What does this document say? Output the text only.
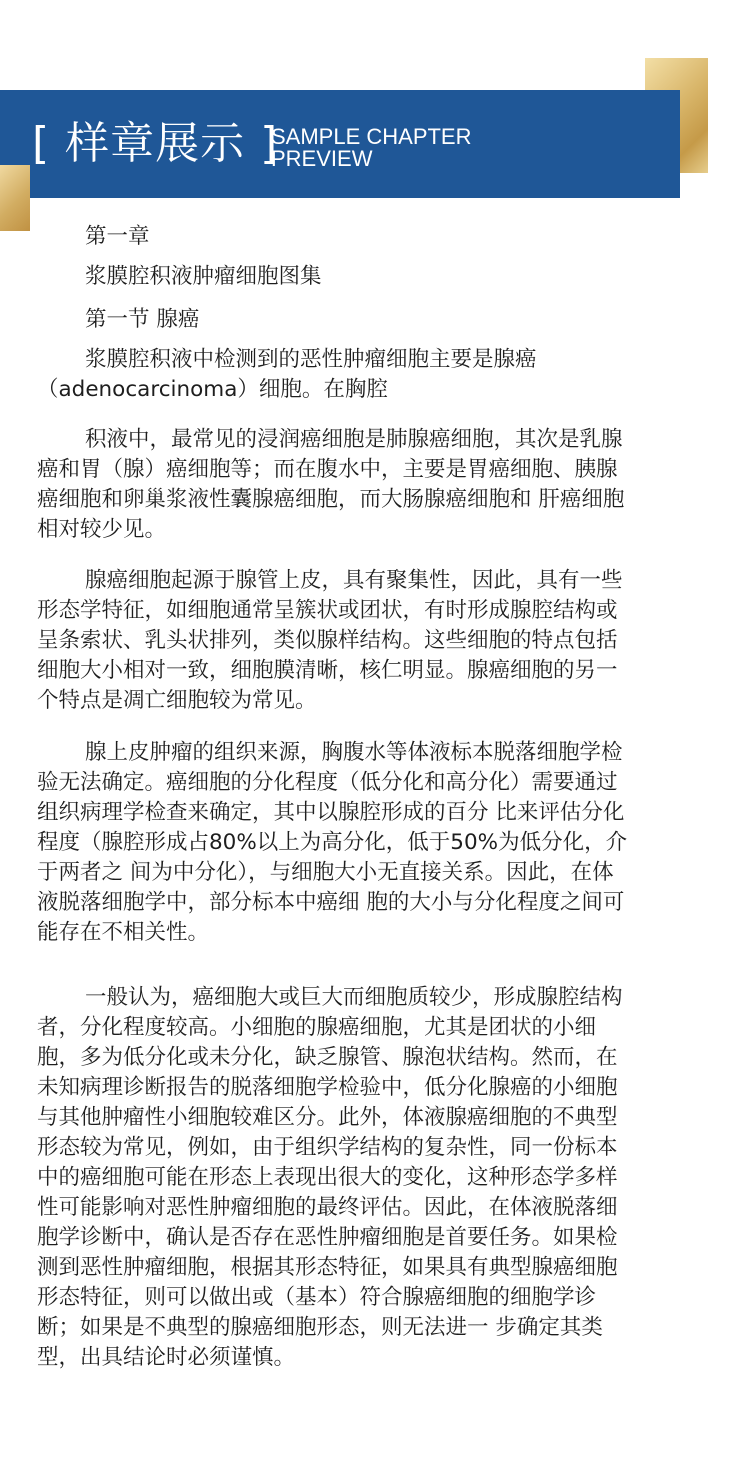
[ 样章展示 ]
SAMPLE CHAPTER
PREVIEW
第一章
浆膜腔积液肿瘤细胞图集
第一节 腺癌
浆膜腔积液中检测到的恶性肿瘤细胞主要是腺癌
（adenocarcinoma）细胞。在胸腔
积液中，最常见的浸润癌细胞是肺腺癌细胞，其次是乳腺
癌和胃（腺）癌细胞等；而在腹水中，主要是胃癌细胞、胰腺
癌细胞和卵巢浆液性囊腺癌细胞，而大肠腺癌细胞和 肝癌细胞
相对较少见。
腺癌细胞起源于腺管上皮，具有聚集性，因此，具有一些
形态学特征，如细胞通常呈簇状或团状，有时形成腺腔结构或
呈条索状、乳头状排列，类似腺样结构。这些细胞的特点包括
细胞大小相对一致，细胞膜清晰，核仁明显。腺癌细胞的另一
个特点是凋亡细胞较为常见。
腺上皮肿瘤的组织来源，胸腹水等体液标本脱落细胞学检
验无法确定。癌细胞的分化程度（低分化和高分化）需要通过
组织病理学检查来确定，其中以腺腔形成的百分 比来评估分化
程度（腺腔形成占80%以上为高分化，低于50%为低分化，介
于两者之 间为中分化），与细胞大小无直接关系。因此，在体
液脱落细胞学中，部分标本中癌细 胞的大小与分化程度之间可
能存在不相关性。
一般认为，癌细胞大或巨大而细胞质较少，形成腺腔结构
者，分化程度较高。小细胞的腺癌细胞，尤其是团状的小细
胞，多为低分化或未分化，缺乏腺管、腺泡状结构。然而，在
未知病理诊断报告的脱落细胞学检验中，低分化腺癌的小细胞
与其他肿瘤性小细胞较难区分。此外，体液腺癌细胞的不典型
形态较为常见，例如，由于组织学结构的复杂性，同一份标本
中的癌细胞可能在形态上表现出很大的变化，这种形态学多样
性可能影响对恶性肿瘤细胞的最终评估。因此，在体液脱落细
胞学诊断中，确认是否存在恶性肿瘤细胞是首要任务。如果检
测到恶性肿瘤细胞，根据其形态特征，如果具有典型腺癌细胞
形态特征，则可以做出或（基本）符合腺癌细胞的细胞学诊
断；如果是不典型的腺癌细胞形态，则无法进一 步确定其类
型，出具结论时必须谨慎。
